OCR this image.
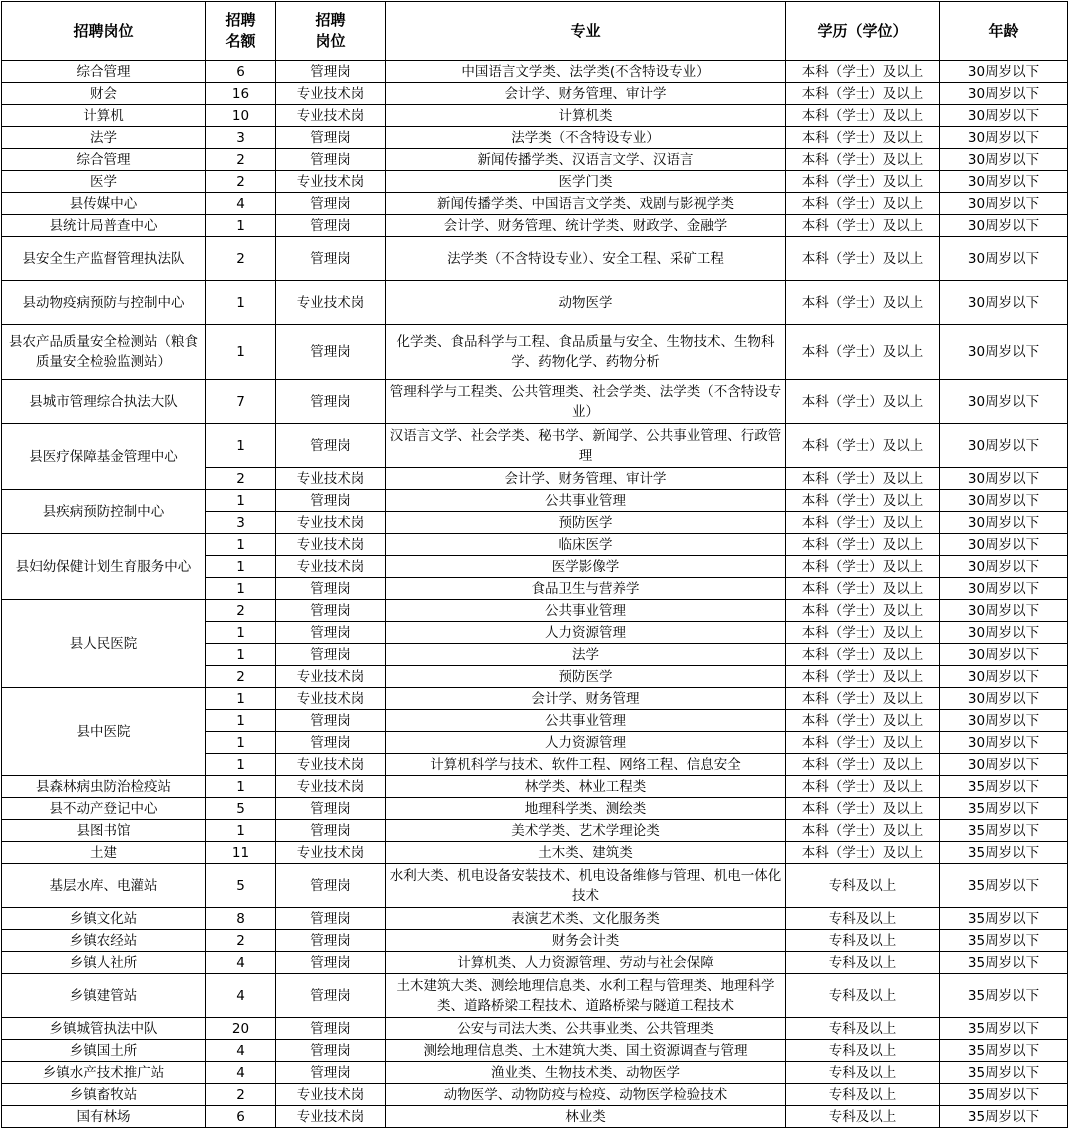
招聘岗位	招聘名额	招聘岗位	专业	学历（学位）	年龄
综合管理	6	管理岗	中国语言文学类、法学类(不含特设专业）	本科（学士）及以上	30周岁以下
财会	16	专业技术岗	会计学、财务管理、审计学	本科（学士）及以上	30周岁以下
计算机	10	专业技术岗	计算机类	本科（学士）及以上	30周岁以下
法学	3	管理岗	法学类（不含特设专业）	本科（学士）及以上	30周岁以下
综合管理	2	管理岗	新闻传播学类、汉语言文学、汉语言	本科（学士）及以上	30周岁以下
医学	2	专业技术岗	医学门类	本科（学士）及以上	30周岁以下
县传媒中心	4	管理岗	新闻传播学类、中国语言文学类、戏剧与影视学类	本科（学士）及以上	30周岁以下
县统计局普查中心	1	管理岗	会计学、财务管理、统计学类、财政学、金融学	本科（学士）及以上	30周岁以下
县安全生产监督管理执法队	2	管理岗	法学类（不含特设专业）、安全工程、采矿工程	本科（学士）及以上	30周岁以下
县动物疫病预防与控制中心	1	专业技术岗	动物医学	本科（学士）及以上	30周岁以下
县农产品质量安全检测站（粮食质量安全检验监测站）	1	管理岗	化学类、食品科学与工程、食品质量与安全、生物技术、生物科学、药物化学、药物分析	本科（学士）及以上	30周岁以下
县城市管理综合执法大队	7	管理岗	管理科学与工程类、公共管理类、社会学类、法学类（不含特设专业）	本科（学士）及以上	30周岁以下
县医疗保障基金管理中心	1	管理岗	汉语言文学、社会学类、秘书学、新闻学、公共事业管理、行政管理	本科（学士）及以上	30周岁以下
	2	专业技术岗	会计学、财务管理、审计学	本科（学士）及以上	30周岁以下
县疾病预防控制中心	1	管理岗	公共事业管理	本科（学士）及以上	30周岁以下
	3	专业技术岗	预防医学	本科（学士）及以上	30周岁以下
县妇幼保健计划生育服务中心	1	专业技术岗	临床医学	本科（学士）及以上	30周岁以下
	1	专业技术岗	医学影像学	本科（学士）及以上	30周岁以下
	1	管理岗	食品卫生与营养学	本科（学士）及以上	30周岁以下
县人民医院	2	管理岗	公共事业管理	本科（学士）及以上	30周岁以下
	1	管理岗	人力资源管理	本科（学士）及以上	30周岁以下
	1	管理岗	法学	本科（学士）及以上	30周岁以下
	2	专业技术岗	预防医学	本科（学士）及以上	30周岁以下
县中医院	1	专业技术岗	会计学、财务管理	本科（学士）及以上	30周岁以下
	1	管理岗	公共事业管理	本科（学士）及以上	30周岁以下
	1	管理岗	人力资源管理	本科（学士）及以上	30周岁以下
	1	专业技术岗	计算机科学与技术、软件工程、网络工程、信息安全	本科（学士）及以上	30周岁以下
县森林病虫防治检疫站	1	专业技术岗	林学类、林业工程类	本科（学士）及以上	35周岁以下
县不动产登记中心	5	管理岗	地理科学类、测绘类	本科（学士）及以上	35周岁以下
县图书馆	1	管理岗	美术学类、艺术学理论类	本科（学士）及以上	35周岁以下
土建	11	专业技术岗	土木类、建筑类	本科（学士）及以上	35周岁以下
基层水库、电灌站	5	管理岗	水利大类、机电设备安装技术、机电设备维修与管理、机电一体化技术	专科及以上	35周岁以下
乡镇文化站	8	管理岗	表演艺术类、文化服务类	专科及以上	35周岁以下
乡镇农经站	2	管理岗	财务会计类	专科及以上	35周岁以下
乡镇人社所	4	管理岗	计算机类、人力资源管理、劳动与社会保障	专科及以上	35周岁以下
乡镇建管站	4	管理岗	土木建筑大类、测绘地理信息类、水利工程与管理类、地理科学类、道路桥梁工程技术、道路桥梁与隧道工程技术	专科及以上	35周岁以下
乡镇城管执法中队	20	管理岗	公安与司法大类、公共事业类、公共管理类	专科及以上	35周岁以下
乡镇国土所	4	管理岗	测绘地理信息类、土木建筑大类、国土资源调查与管理	专科及以上	35周岁以下
乡镇水产技术推广站	4	管理岗	渔业类、生物技术类、动物医学	专科及以上	35周岁以下
乡镇畜牧站	2	专业技术岗	动物医学、动物防疫与检疫、动物医学检验技术	专科及以上	35周岁以下
国有林场	6	专业技术岗	林业类	专科及以上	35周岁以下
